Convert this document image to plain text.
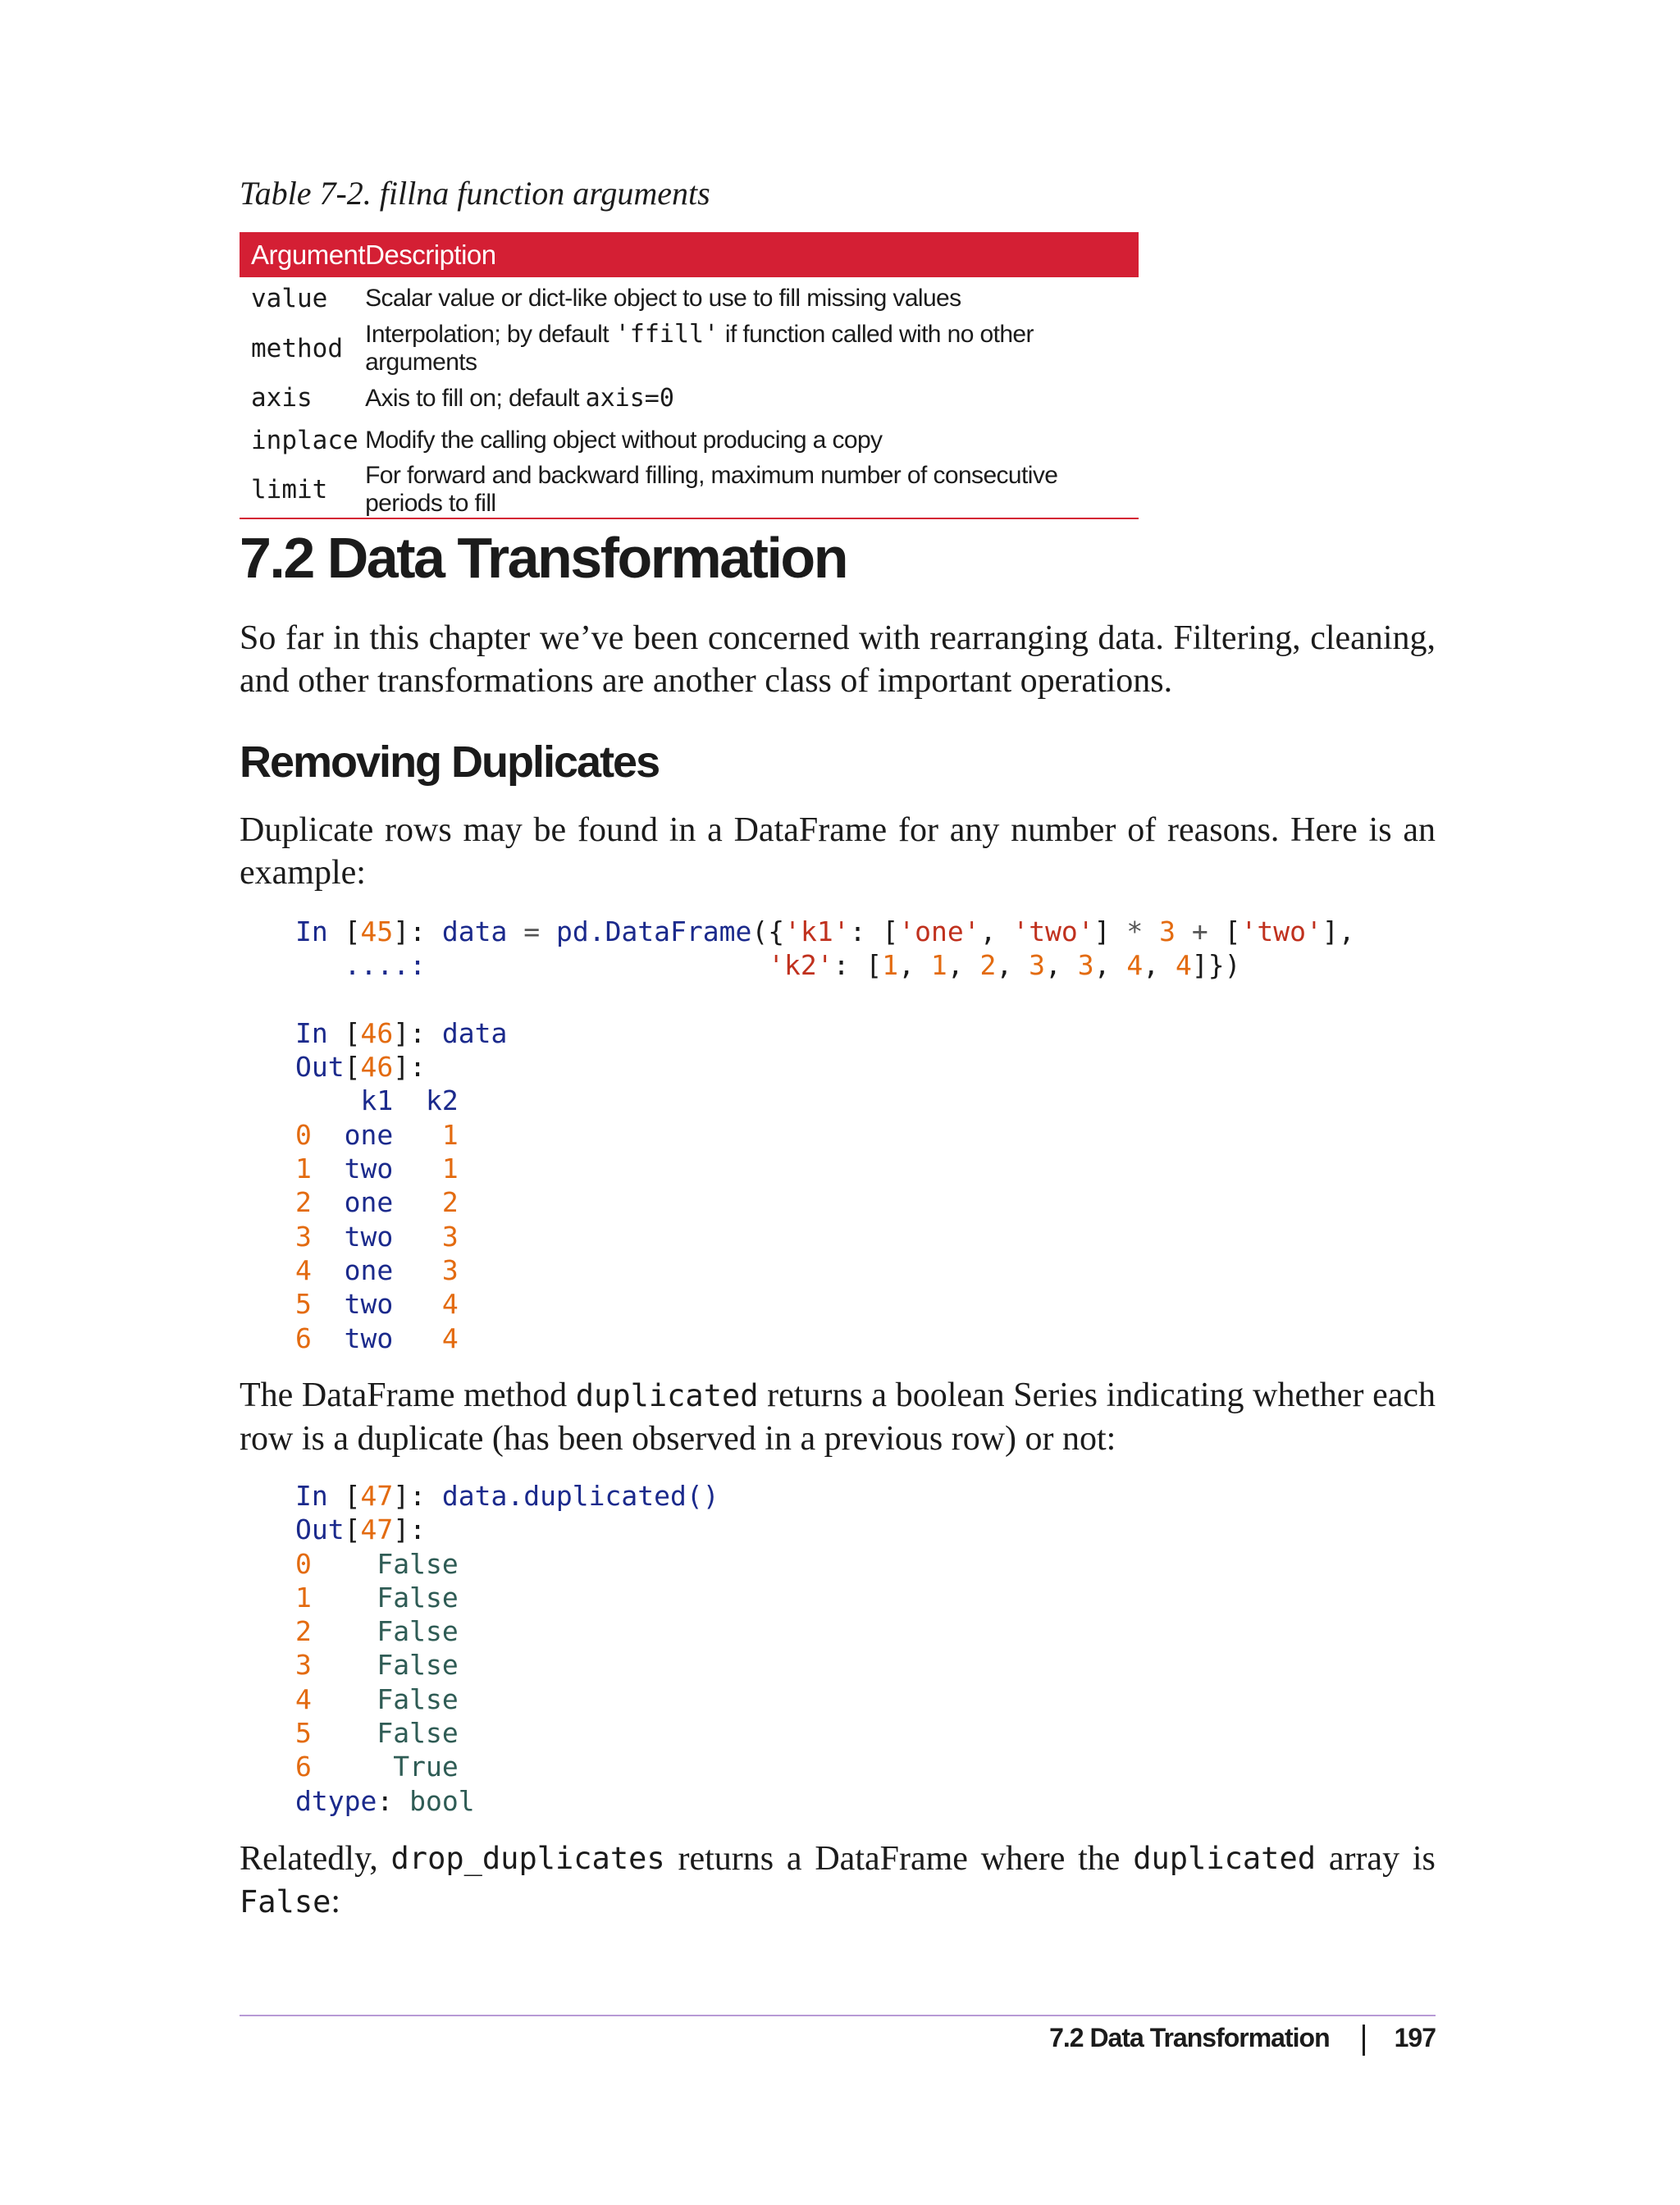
Table 7-2. fillna function arguments
Argument	Description
value	Scalar value or dict-like object to use to fill missing values
method	Interpolation; by default 'ffill' if function called with no other arguments
axis	Axis to fill on; default axis=0
inplace	Modify the calling object without producing a copy
limit	For forward and backward filling, maximum number of consecutive periods to fill
7.2 Data Transformation

So far in this chapter we’ve been concerned with rearranging data. Filtering, cleaning, and other transformations are another class of important operations.

Removing Duplicates

Duplicate rows may be found in a DataFrame for any number of reasons. Here is an example:

In [45]: data = pd.DataFrame({'k1': ['one', 'two'] * 3 + ['two'],
....:	'k2': [1, 1, 2, 3, 3, 4, 4]})

In [46]: data
Out[46]:
k1 k2
0 one 1
1 two 1
2 one 2
3 two 3
4 one 3
5 two 4
6 two 4

The DataFrame method duplicated returns a boolean Series indicating whether each row is a duplicate (has been observed in a previous row) or not:

In [47]: data.duplicated()
Out[47]:
0 False
1 False
2 False
3 False
4 False
5 False
6	True
dtype: bool

Relatedly, drop_duplicates returns a DataFrame where the duplicated array is
False:

7.2 Data Transformation 197
